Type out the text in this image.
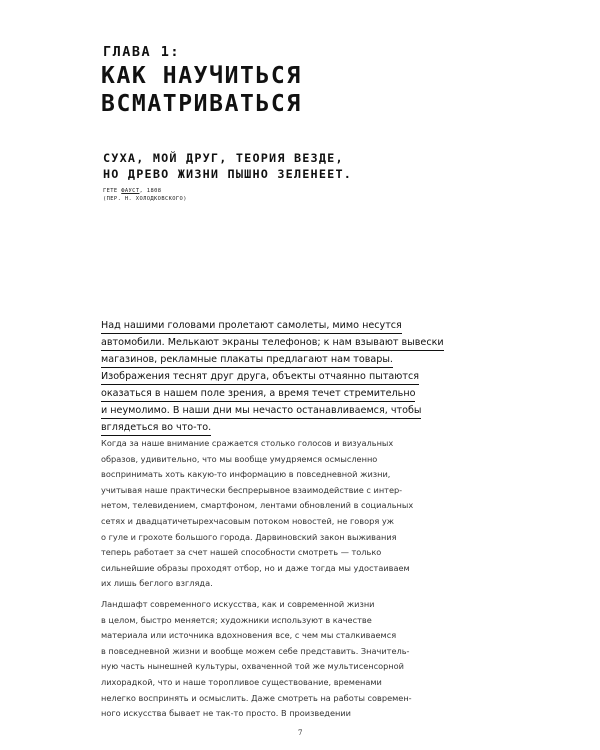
ГЛАВА 1:
КАК НАУЧИТЬСЯ
ВСМАТРИВАТЬСЯ
СУХА, МОЙ ДРУГ, ТЕОРИЯ ВЕЗДЕ,
НО ДРЕВО ЖИЗНИ ПЫШНО ЗЕЛЕНЕЕТ.
ГЕТЕ ФАУСТ, 1808
(ПЕР. Н. ХОЛОДКОВСКОГО)
Над нашими головами пролетают самолеты, мимо несутся
автомобили. Мелькают экраны телефонов; к нам взывают вывески
магазинов, рекламные плакаты предлагают нам товары.
Изображения теснят друг друга, объекты отчаянно пытаются
оказаться в нашем поле зрения, а время течет стремительно
и неумолимо. В наши дни мы нечасто останавливаемся, чтобы
вглядеться во что-то.
Когда за наше внимание сражается столько голосов и визуальных
образов, удивительно, что мы вообще умудряемся осмысленно
воспринимать хоть какую-то информацию в повседневной жизни,
учитывая наше практически беспрерывное взаимодействие с интер-
нетом, телевидением, смартфоном, лентами обновлений в социальных
сетях и двадцатичетырехчасовым потоком новостей, не говоря уж
о гуле и грохоте большого города. Дарвиновский закон выживания
теперь работает за счет нашей способности смотреть — только
сильнейшие образы проходят отбор, но и даже тогда мы удостаиваем
их лишь беглого взгляда.
Ландшафт современного искусства, как и современной жизни
в целом, быстро меняется; художники используют в качестве
материала или источника вдохновения все, с чем мы сталкиваемся
в повседневной жизни и вообще можем себе представить. Значитель-
ную часть нынешней культуры, охваченной той же мультисенсорной
лихорадкой, что и наше торопливое существование, временами
нелегко воспринять и осмыслить. Даже смотреть на работы современ-
ного искусства бывает не так-то просто. В произведении
7
